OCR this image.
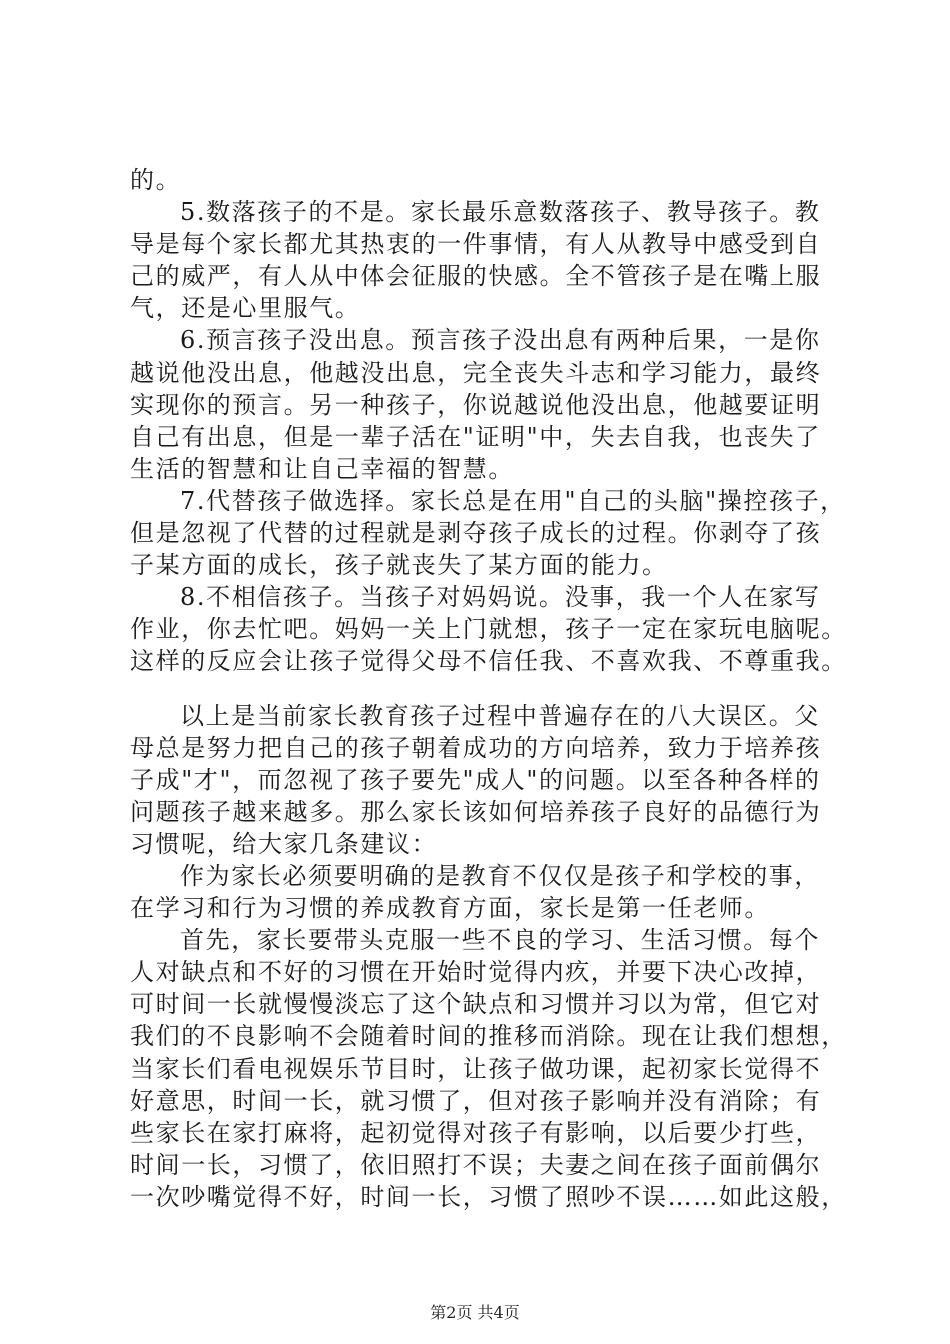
的。
5.数落孩子的不是。家长最乐意数落孩子、教导孩子。教
导是每个家长都尤其热衷的一件事情，有人从教导中感受到自
己的威严，有人从中体会征服的快感。全不管孩子是在嘴上服
气，还是心里服气。
6.预言孩子没出息。预言孩子没出息有两种后果，一是你
越说他没出息，他越没出息，完全丧失斗志和学习能力，最终
实现你的预言。另一种孩子，你说越说他没出息，他越要证明
自己有出息，但是一辈子活在"证明"中，失去自我，也丧失了
生活的智慧和让自己幸福的智慧。
7.代替孩子做选择。家长总是在用"自己的头脑"操控孩子，
但是忽视了代替的过程就是剥夺孩子成长的过程。你剥夺了孩
子某方面的成长，孩子就丧失了某方面的能力。
8.不相信孩子。当孩子对妈妈说。没事，我一个人在家写
作业，你去忙吧。妈妈一关上门就想，孩子一定在家玩电脑呢。
这样的反应会让孩子觉得父母不信任我、不喜欢我、不尊重我。
以上是当前家长教育孩子过程中普遍存在的八大误区。父
母总是努力把自己的孩子朝着成功的方向培养，致力于培养孩
子成"才"，而忽视了孩子要先"成人"的问题。以至各种各样的
问题孩子越来越多。那么家长该如何培养孩子良好的品德行为
习惯呢，给大家几条建议：
作为家长必须要明确的是教育不仅仅是孩子和学校的事，
在学习和行为习惯的养成教育方面，家长是第一任老师。
首先，家长要带头克服一些不良的学习、生活习惯。每个
人对缺点和不好的习惯在开始时觉得内疚，并要下决心改掉，
可时间一长就慢慢淡忘了这个缺点和习惯并习以为常，但它对
我们的不良影响不会随着时间的推移而消除。现在让我们想想，
当家长们看电视娱乐节目时，让孩子做功课，起初家长觉得不
好意思，时间一长，就习惯了，但对孩子影响并没有消除；有
些家长在家打麻将，起初觉得对孩子有影响，以后要少打些，
时间一长，习惯了，依旧照打不误；夫妻之间在孩子面前偶尔
一次吵嘴觉得不好，时间一长，习惯了照吵不误……如此这般，
第2页 共4页
